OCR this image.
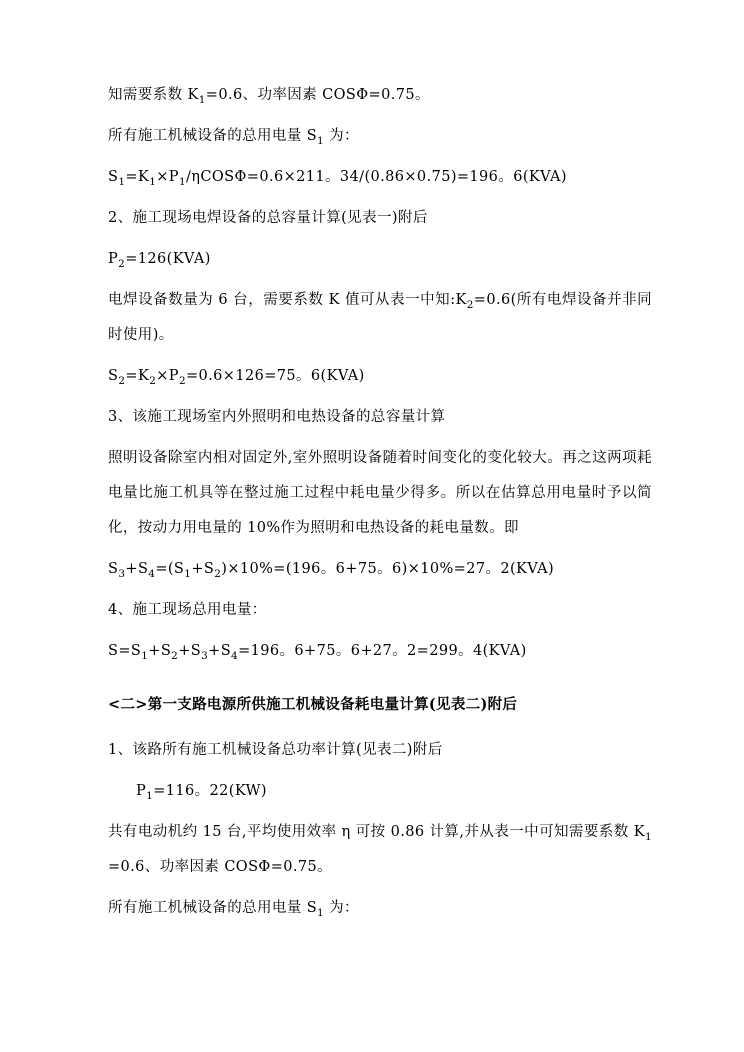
知需要系数 $K_1=0.6$、功率因素 COSΦ=0.75。

所有施工机械设备的总用电量 $S_1$ 为：

$S_1=K_1\times P_1∕\eta COS\Phi=0.6\times 211$。34∕(0.86×0.75)=196。6(KVA)

2、施工现场电焊设备的总容量计算(见表一)附后

$P_2=126(KVA)$

电焊设备数量为 6 台，需要系数 K 值可从表一中知$:K_2=0.6$(所有电焊设备并非同时使用)。

$S_2=K_2\times P_2=0.6\times 126=75$。6(KVA)

3、该施工现场室内外照明和电热设备的总容量计算

照明设备除室内相对固定外,室外照明设备随着时间变化的变化较大。再之这两项耗电量比施工机具等在整过施工过程中耗电量少得多。所以在估算总用电量时予以简化，按动力用电量的 10%作为照明和电热设备的耗电量数。即

$S_3+S_4=(S_1+S_2)\times 10\%=(196$。6+75。6)×10%=27。2(KVA)

4、施工现场总用电量：

$S=S_1+S_2+S_3+S_4=196$。6+75。6+27。2=299。4(KVA)

<二>第一支路电源所供施工机械设备耗电量计算(见表二)附后

1、该路所有施工机械设备总功率计算(见表二)附后

$P_1=116$。22(KW)

共有电动机约 15 台,平均使用效率 η 可按 0.86 计算,并从表一中可知需要系数 $K_1=0.6$、功率因素 COSΦ=0.75。

所有施工机械设备的总用电量 $S_1$ 为：
